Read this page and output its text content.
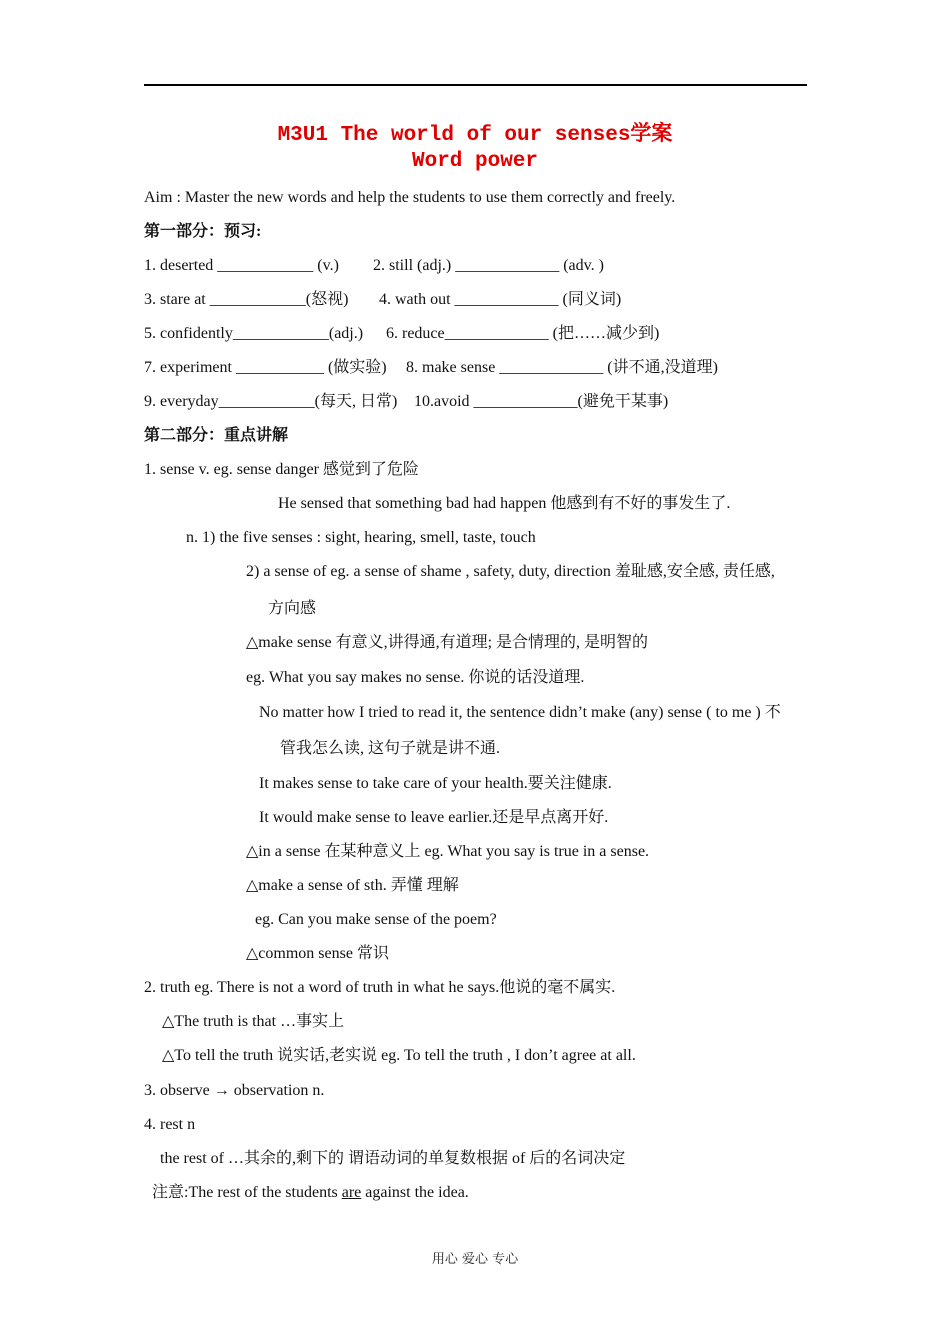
M3U1 The world of our senses学案
Word power
Aim : Master the new words and help the students to use them correctly and freely.
第一部分：预习:
1. deserted ____________ (v.) 2. still (adj.) _____________ (adv. )
3. stare at ____________(怒视) 4. wath out _____________ (同义词)
5. confidently____________(adj.) 6. reduce_____________ (把……减少到)
7. experiment ___________ (做实验) 8. make sense _____________ (讲不通,没道理)
9. everyday____________(每天, 日常) 10.avoid _____________(避免干某事)
第二部分：重点讲解
1. sense v. eg. sense danger 感觉到了危险
He sensed that something bad had happen 他感到有不好的事发生了.
n. 1) the five senses : sight, hearing, smell, taste, touch
2) a sense of eg. a sense of shame , safety, duty, direction 羞耻感,安全感, 责任感,
方向感
△make sense 有意义,讲得通,有道理; 是合情理的, 是明智的
eg. What you say makes no sense. 你说的话没道理.
No matter how I tried to read it, the sentence didn’t make (any) sense ( to me ) 不
管我怎么读, 这句子就是讲不通.
It makes sense to take care of your health.要关注健康.
It would make sense to leave earlier.还是早点离开好.
△in a sense 在某种意义上 eg. What you say is true in a sense.
△make a sense of sth. 弄懂 理解
eg. Can you make sense of the poem?
△common sense 常识
2. truth eg. There is not a word of truth in what he says.他说的毫不属实.
△The truth is that …事实上
△To tell the truth 说实话,老实说 eg. To tell the truth , I don’t agree at all.
3. observe → observation n.
4. rest n
the rest of …其余的,剩下的 谓语动词的单复数根据 of 后的名词决定
注意:The rest of the students are against the idea.
用心 爱心 专心
